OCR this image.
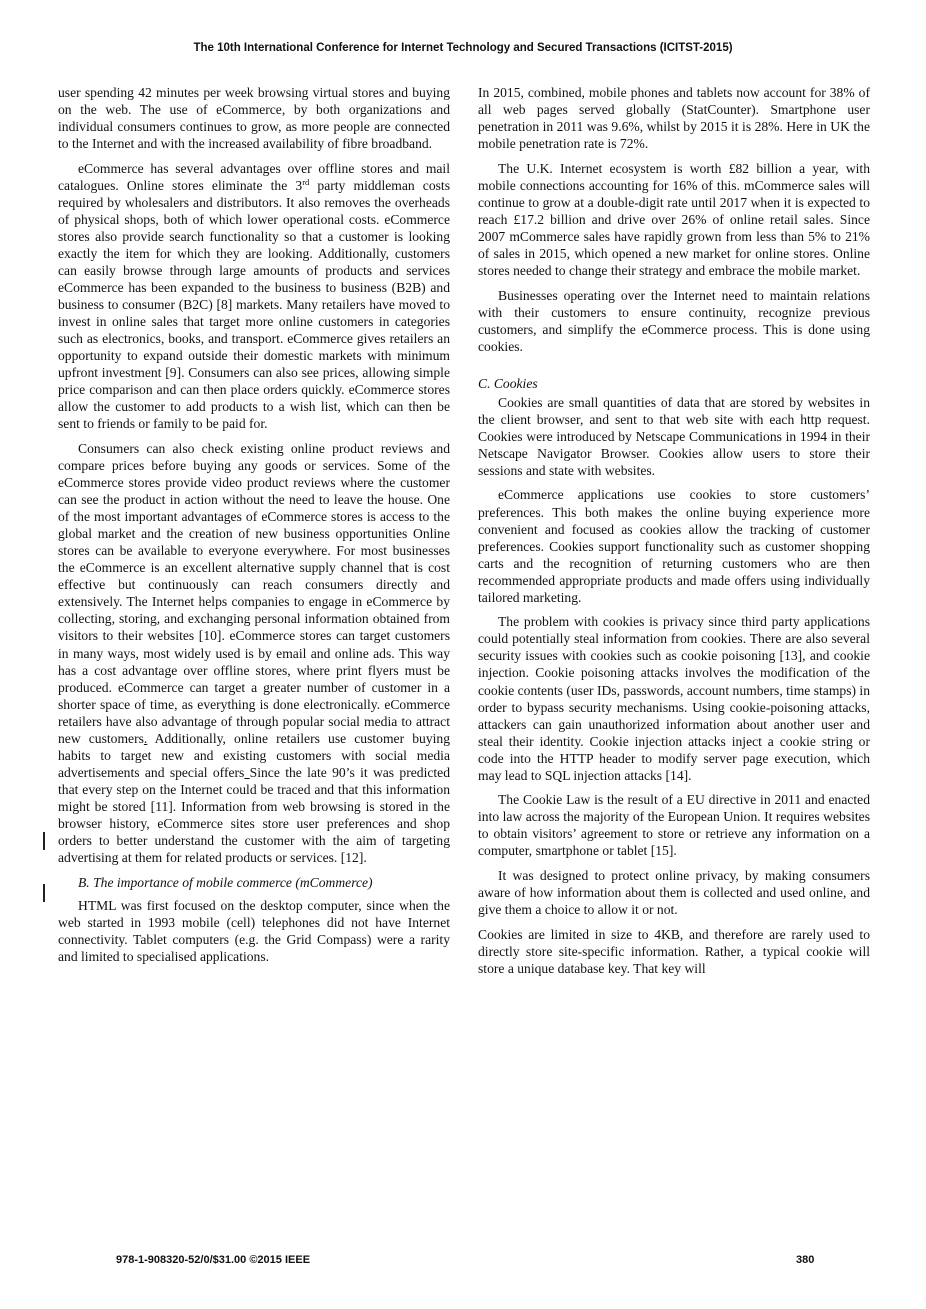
The 10th International Conference for Internet Technology and Secured Transactions (ICITST-2015)

user spending 42 minutes per week browsing virtual stores and buying on the web. The use of eCommerce, by both organizations and individual consumers continues to grow, as more people are connected to the Internet and with the increased availability of fibre broadband.

eCommerce has several advantages over offline stores and mail catalogues. Online stores eliminate the 3rd party middleman costs required by wholesalers and distributors. It also removes the overheads of physical shops, both of which lower operational costs. eCommerce stores also provide search functionality so that a customer is looking exactly the item for which they are looking. Additionally, customers can easily browse through large amounts of products and services eCommerce has been expanded to the business to business (B2B) and business to consumer (B2C) [8] markets. Many retailers have moved to invest in online sales that target more online customers in categories such as electronics, books, and transport. eCommerce gives retailers an opportunity to expand outside their domestic markets with minimum upfront investment [9]. Consumers can also see prices, allowing simple price comparison and can then place orders quickly. eCommerce stores allow the customer to add products to a wish list, which can then be sent to friends or family to be paid for.

Consumers can also check existing online product reviews and compare prices before buying any goods or services. Some of the eCommerce stores provide video product reviews where the customer can see the product in action without the need to leave the house. One of the most important advantages of eCommerce stores is access to the global market and the creation of new business opportunities Online stores can be available to everyone everywhere. For most businesses the eCommerce is an excellent alternative supply channel that is cost effective but continuously can reach consumers directly and extensively. The Internet helps companies to engage in eCommerce by collecting, storing, and exchanging personal information obtained from visitors to their websites [10]. eCommerce stores can target customers in many ways, most widely used is by email and online ads. This way has a cost advantage over offline stores, where print flyers must be produced. eCommerce can target a greater number of customer in a shorter space of time, as everything is done electronically. eCommerce retailers have also advantage of through popular social media to attract new customers. Additionally, online retailers use customer buying habits to target new and existing customers with social media advertisements and special offers Since the late 90’s it was predicted that every step on the Internet could be traced and that this information might be stored [11]. Information from web browsing is stored in the browser history, eCommerce sites store user preferences and shop orders to better understand the customer with the aim of targeting advertising at them for related products or services. [12].

B. The importance of mobile commerce (mCommerce)

HTML was first focused on the desktop computer, since when the web started in 1993 mobile (cell) telephones did not have Internet connectivity. Tablet computers (e.g. the Grid Compass) were a rarity and limited to specialised applications.

In 2015, combined, mobile phones and tablets now account for 38% of all web pages served globally (StatCounter). Smartphone user penetration in 2011 was 9.6%, whilst by 2015 it is 28%. Here in UK the mobile penetration rate is 72%.

The U.K. Internet ecosystem is worth £82 billion a year, with mobile connections accounting for 16% of this. mCommerce sales will continue to grow at a double-digit rate until 2017 when it is expected to reach £17.2 billion and drive over 26% of online retail sales. Since 2007 mCommerce sales have rapidly grown from less than 5% to 21% of sales in 2015, which opened a new market for online stores. Online stores needed to change their strategy and embrace the mobile market.

Businesses operating over the Internet need to maintain relations with their customers to ensure continuity, recognize previous customers, and simplify the eCommerce process. This is done using cookies.

C. Cookies

Cookies are small quantities of data that are stored by websites in the client browser, and sent to that web site with each http request. Cookies were introduced by Netscape Communications in 1994 in their Netscape Navigator Browser. Cookies allow users to store their sessions and state with websites.

eCommerce applications use cookies to store customers’ preferences. This both makes the online buying experience more convenient and focused as cookies allow the tracking of customer preferences. Cookies support functionality such as customer shopping carts and the recognition of returning customers who are then recommended appropriate products and made offers using individually tailored marketing.

The problem with cookies is privacy since third party applications could potentially steal information from cookies. There are also several security issues with cookies such as cookie poisoning [13], and cookie injection. Cookie poisoning attacks involves the modification of the cookie contents (user IDs, passwords, account numbers, time stamps) in order to bypass security mechanisms. Using cookie-poisoning attacks, attackers can gain unauthorized information about another user and steal their identity. Cookie injection attacks inject a cookie string or code into the HTTP header to modify server page execution, which may lead to SQL injection attacks [14].

The Cookie Law is the result of a EU directive in 2011 and enacted into law across the majority of the European Union. It requires websites to obtain visitors’ agreement to store or retrieve any information on a computer, smartphone or tablet [15].

It was designed to protect online privacy, by making consumers aware of how information about them is collected and used online, and give them a choice to allow it or not.

Cookies are limited in size to 4KB, and therefore are rarely used to directly store site-specific information. Rather, a typical cookie will store a unique database key. That key will

978-1-908320-52/0/$31.00 ©2015 IEEE	380
